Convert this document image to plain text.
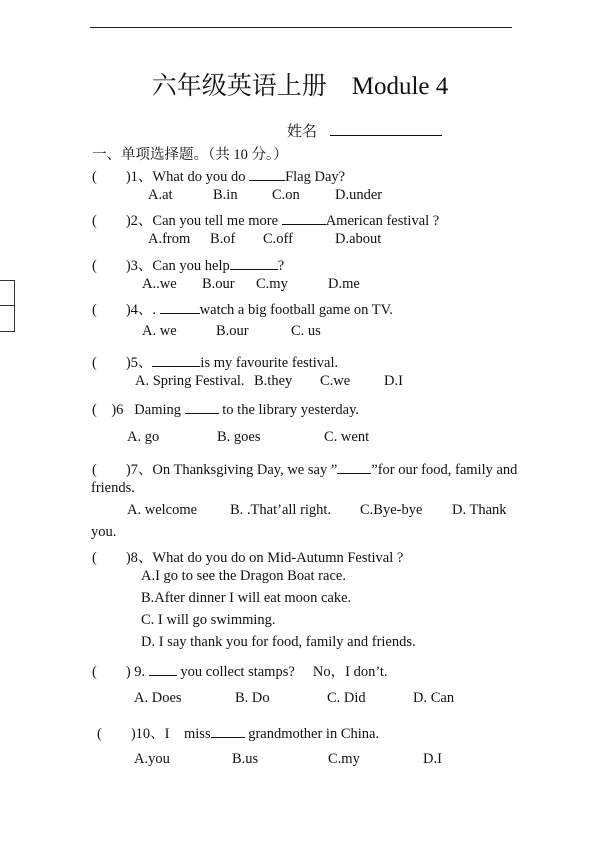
六年级英语上册　Module 4
姓名
一、单项选择题。（共 10 分。）
(　　)1、What do you do Flag Day?
A.at	B.in C.on D.under
(　　)2、Can you tell me more	American festival ?
A.from B.of C.off	D.about
(　　)3、Can you help	?
A..we B.our C.my	D.me
(　　)4、.	watch a big football game on TV.
A. we	B.our	C. us
(　　)5、	is my favourite festival.
A. Spring Festival. B.they C.we D.I
(　)6 Daming  to the library yesterday.
A. go	B. goes	C. went
(　　)7、On Thanksgiving Day, we say ” ”for our food, family and
friends.
A. welcome B. .That’all right. C.Bye-bye D. Thank
you.
(　　)8、What do you do on Mid-Autumn Festival ?
A.I go to see the Dragon Boat race.
B.After dinner I will eat moon cake.
C. I will go swimming.
D. I say thank you for food, family and friends.
(　　) 9.  you collect stamps?　 No，I don’t.
A. Does	B. Do	C. Did	D. Can
(　　)10、I　miss grandmother in China.
A.you	B.us	C.my	D.I
